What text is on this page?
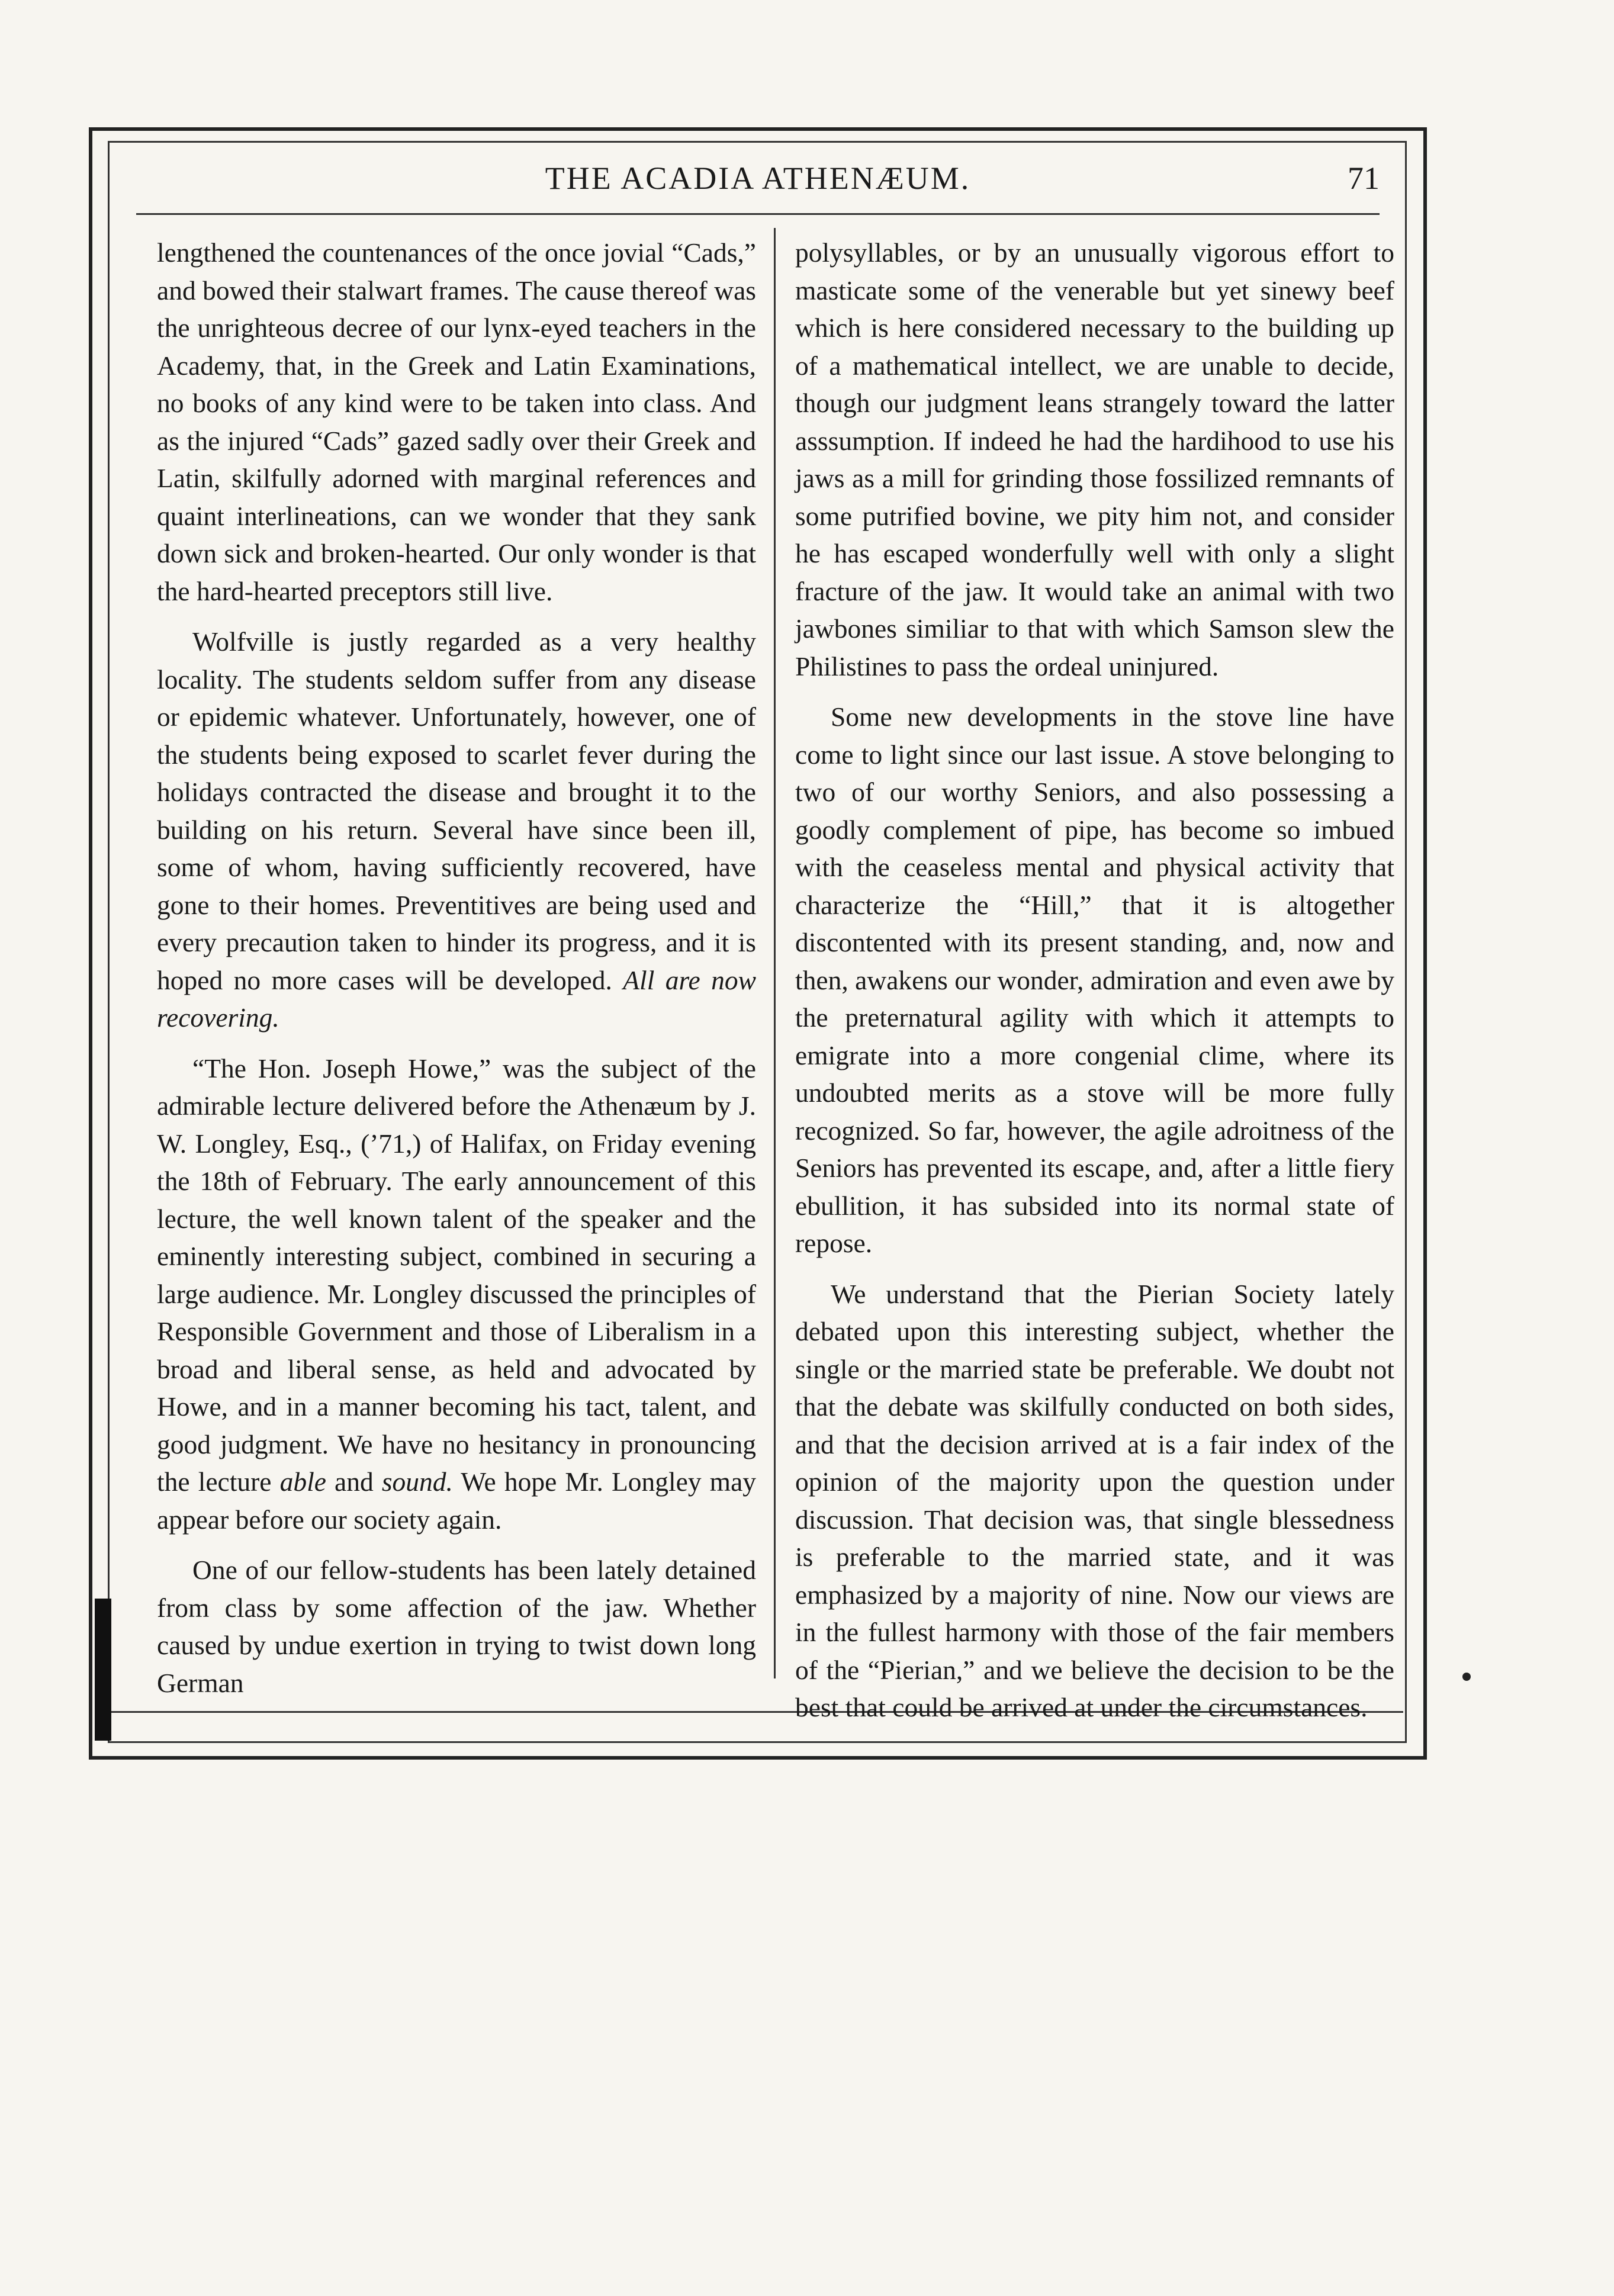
THE ACADIA ATHENÆUM.	71

lengthened the countenances of the once jovial “Cads,” and bowed their stalwart frames. The cause thereof was the unrighteous decree of our lynx-eyed teachers in the Academy, that, in the Greek and Latin Examinations, no books of any kind were to be taken into class. And as the injured “Cads” gazed sadly over their Greek and Latin, skilfully adorned with marginal references and quaint interlineations, can we wonder that they sank down sick and broken-hearted. Our only wonder is that the hard-hearted preceptors still live.

Wolfville is justly regarded as a very healthy locality. The students seldom suffer from any disease or epidemic whatever. Unfortunately, however, one of the students being exposed to scarlet fever during the holidays contracted the disease and brought it to the building on his return. Several have since been ill, some of whom, having sufficiently recovered, have gone to their homes. Preventitives are being used and every precaution taken to hinder its progress, and it is hoped no more cases will be developed. All are now recovering.

“The Hon. Joseph Howe,” was the subject of the admirable lecture delivered before the Athenæum by J. W. Longley, Esq., (’71,) of Halifax, on Friday evening the 18th of February. The early announcement of this lecture, the well known talent of the speaker and the eminently interesting subject, combined in securing a large audience. Mr. Longley discussed the principles of Responsible Government and those of Liberalism in a broad and liberal sense, as held and advocated by Howe, and in a manner becoming his tact, talent, and good judgment. We have no hesitancy in pronouncing the lecture able and sound. We hope Mr. Longley may appear before our society again.

One of our fellow-students has been lately detained from class by some affection of the jaw. Whether caused by undue exertion in trying to twist down long German

polysyllables, or by an unusually vigorous effort to masticate some of the venerable but yet sinewy beef which is here considered necessary to the building up of a mathematical intellect, we are unable to decide, though our judgment leans strangely toward the latter asssumption. If indeed he had the hardihood to use his jaws as a mill for grinding those fossilized remnants of some putrified bovine, we pity him not, and consider he has escaped wonderfully well with only a slight fracture of the jaw. It would take an animal with two jawbones similiar to that with which Samson slew the Philistines to pass the ordeal uninjured.

Some new developments in the stove line have come to light since our last issue. A stove belonging to two of our worthy Seniors, and also possessing a goodly complement of pipe, has become so imbued with the ceaseless mental and physical activity that characterize the “Hill,” that it is altogether discontented with its present standing, and, now and then, awakens our wonder, admiration and even awe by the preternatural agility with which it attempts to emigrate into a more congenial clime, where its undoubted merits as a stove will be more fully recognized. So far, however, the agile adroitness of the Seniors has prevented its escape, and, after a little fiery ebullition, it has subsided into its normal state of repose.

We understand that the Pierian Society lately debated upon this interesting subject, whether the single or the married state be preferable. We doubt not that the debate was skilfully conducted on both sides, and that the decision arrived at is a fair index of the opinion of the majority upon the question under discussion. That decision was, that single blessedness is preferable to the married state, and it was emphasized by a majority of nine. Now our views are in the fullest harmony with those of the fair members of the “Pierian,” and we believe the decision to be the best that could be arrived at under the circumstances.
